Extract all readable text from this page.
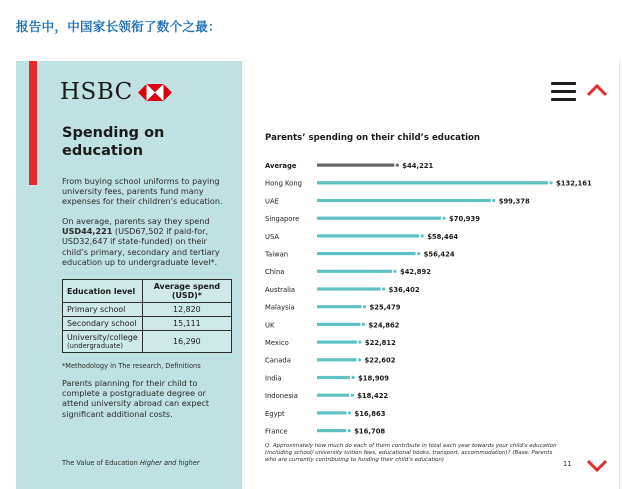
报告中，中国家长领衔了数个之最：
HSBC
Spending on education
From buying school uniforms to paying university fees, parents fund many expenses for their children’s education.
On average, parents say they spend USD44,221 (USD67,502 if paid-for, USD32,647 if state-funded) on their child’s primary, secondary and tertiary education up to undergraduate level*.
Education level	Average spend (USD)*
Primary school	12,820
Secondary school	15,111

University/college
(undergraduate)	16,290
*Methodology in The research, Definitions
Parents planning for their child to complete a postgraduate degree or attend university abroad can expect significant additional costs.
The Value of Education Higher and higher
Parents’ spending on their child’s education
Average	$44,221
Hong Kong	$132,161
UAE	$99,378
Singapore	$70,939
USA	$58,464
Taiwan	$56,424
China	$42,892
Australia	$36,402
Malaysia	$25,479
UK	$24,862
Mexico	$22,812
Canada	$22,602
India	$18,909
Indonesia	$18,422
Egypt	$16,863
France	$16,708
Q. Approximately how much do each of them contribute in total each year towards your child’s education (including school/ university tuition fees, educational books, transport, accommodation)? (Base: Parents who are currently contributing to funding their child’s education)	11
